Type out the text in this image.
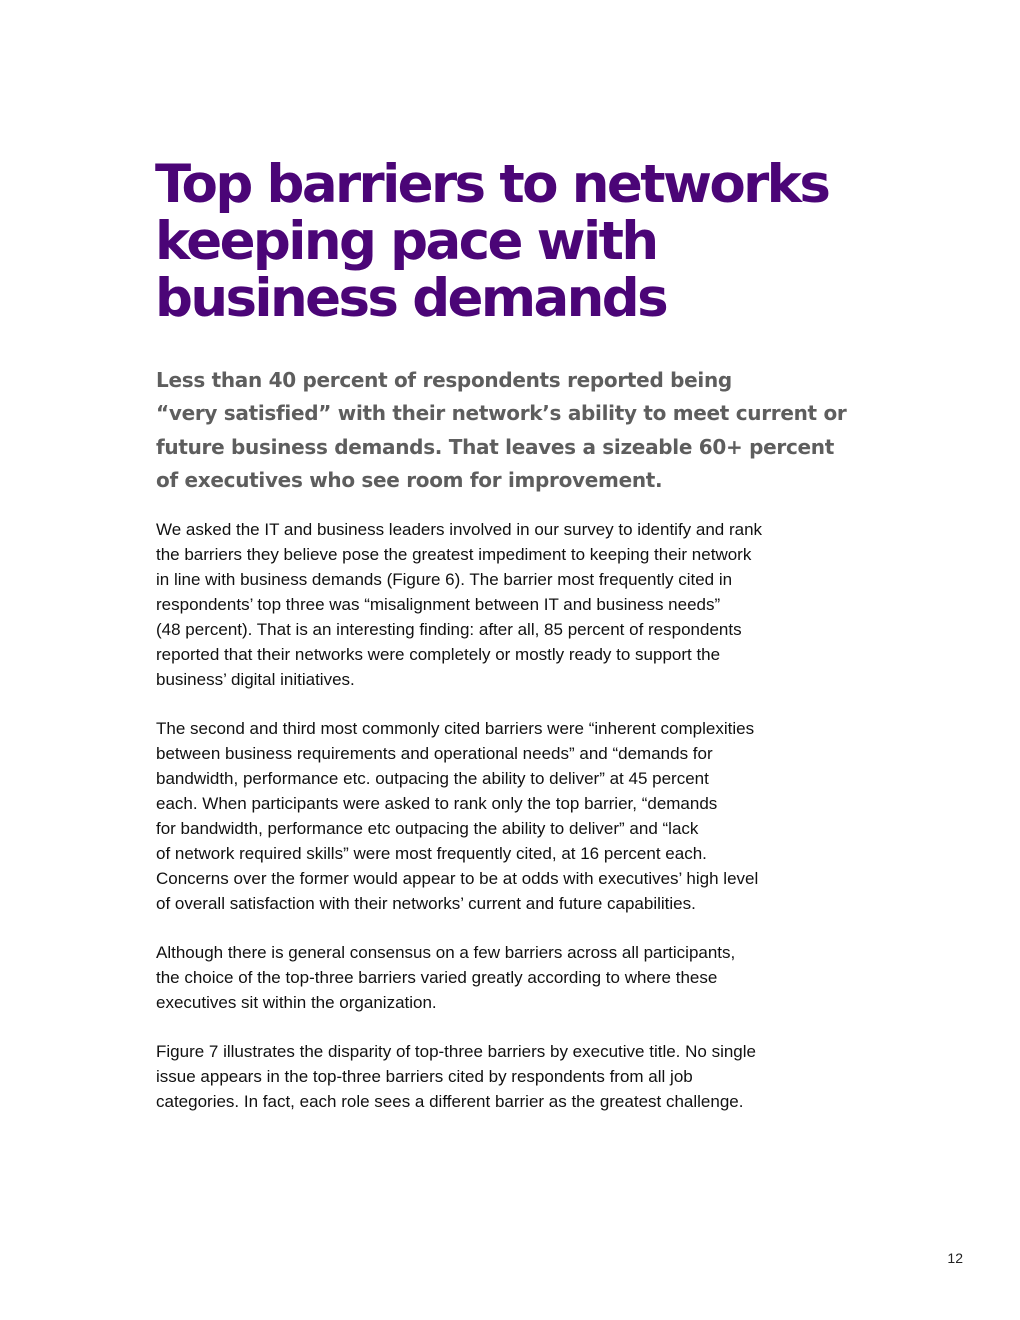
Top barriers to networks
keeping pace with
business demands

Less than 40 percent of respondents reported being
“very satisfied” with their network’s ability to meet current or
future business demands. That leaves a sizeable 60+ percent
of executives who see room for improvement.

We asked the IT and business leaders involved in our survey to identify and rank
the barriers they believe pose the greatest impediment to keeping their network
in line with business demands (Figure 6). The barrier most frequently cited in
respondents’ top three was “misalignment between IT and business needs”
(48 percent). That is an interesting finding: after all, 85 percent of respondents
reported that their networks were completely or mostly ready to support the
business’ digital initiatives.

The second and third most commonly cited barriers were “inherent complexities
between business requirements and operational needs” and “demands for
bandwidth, performance etc. outpacing the ability to deliver” at 45 percent
each. When participants were asked to rank only the top barrier, “demands
for bandwidth, performance etc outpacing the ability to deliver” and “lack
of network required skills” were most frequently cited, at 16 percent each.
Concerns over the former would appear to be at odds with executives’ high level
of overall satisfaction with their networks’ current and future capabilities.

Although there is general consensus on a few barriers across all participants,
the choice of the top-three barriers varied greatly according to where these
executives sit within the organization.

Figure 7 illustrates the disparity of top-three barriers by executive title. No single
issue appears in the top-three barriers cited by respondents from all job
categories. In fact, each role sees a different barrier as the greatest challenge.

12
